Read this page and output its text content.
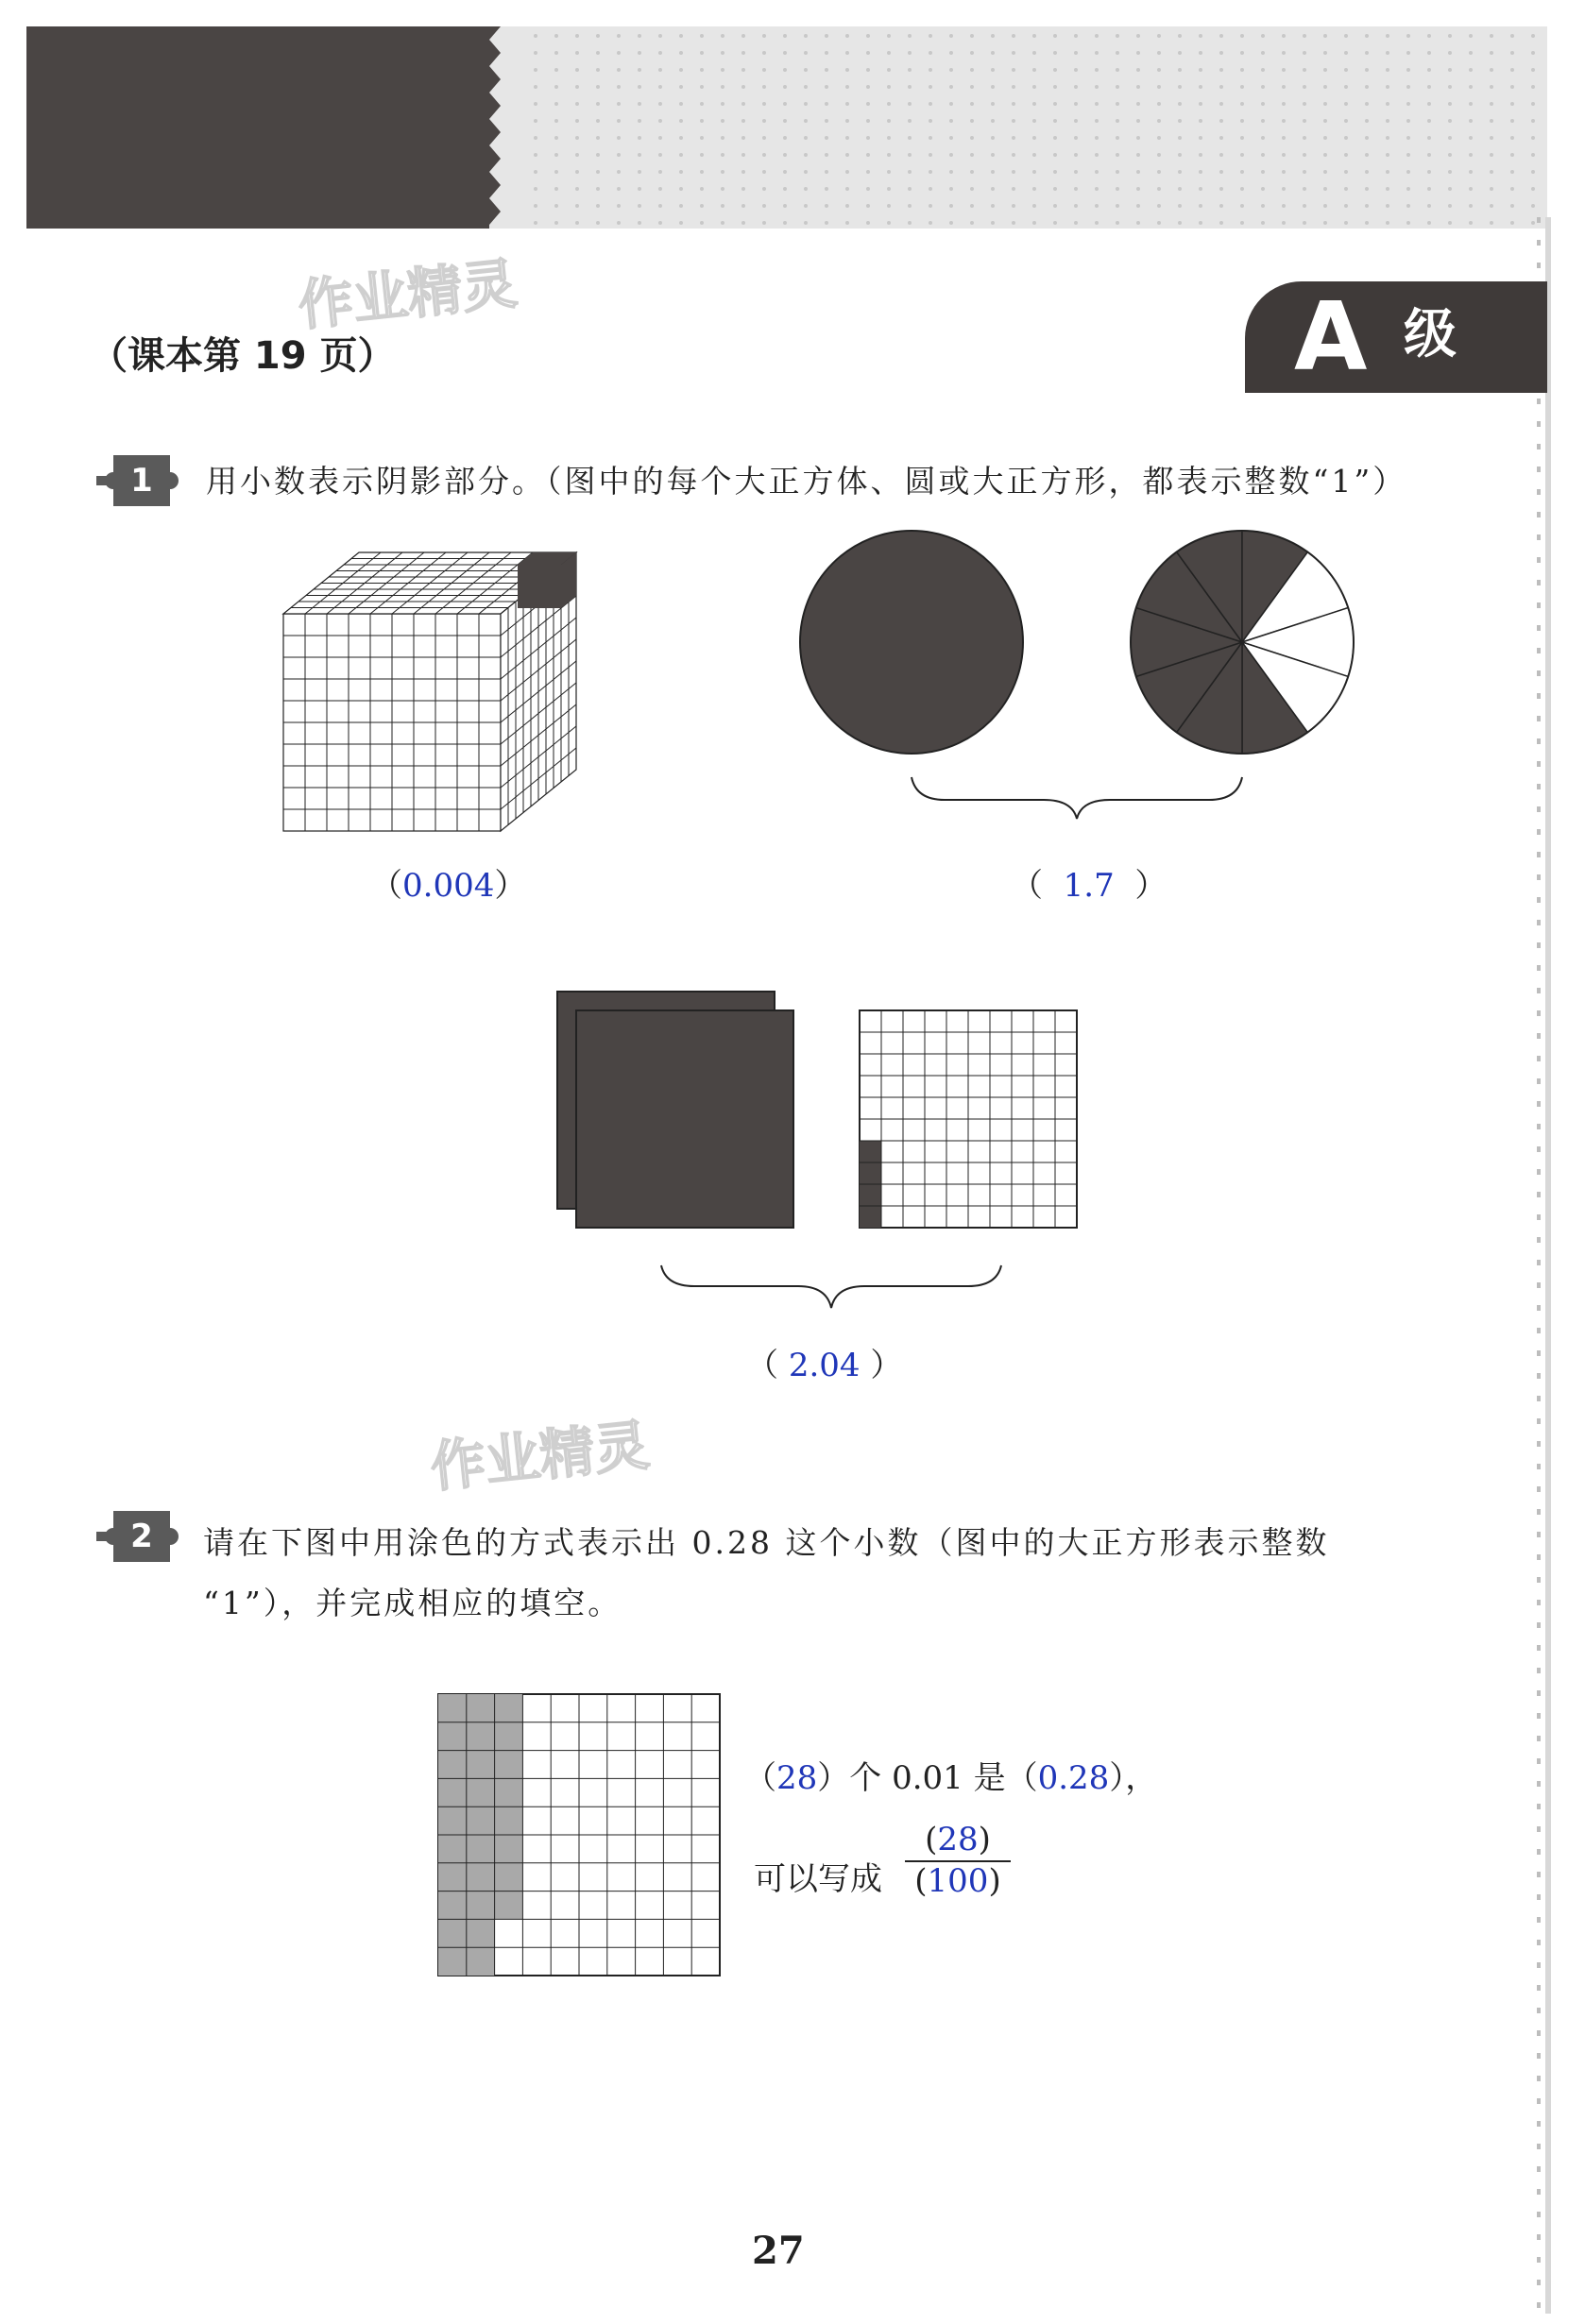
作业精灵
作业精灵
（课本第 19 页）	A 级
1 用小数表示阴影部分。（图中的每个大正方体、圆或大正方形，都表示整数“1”）
（0.004）	（  1.7  ）
（ 2.04 ）
2 请在下图中用涂色的方式表示出 0.28 这个小数（图中的大正方形表示整数
“1”），并完成相应的填空。
（28）个 0.01 是（0.28），
可以写成
(28)
(100)
27
